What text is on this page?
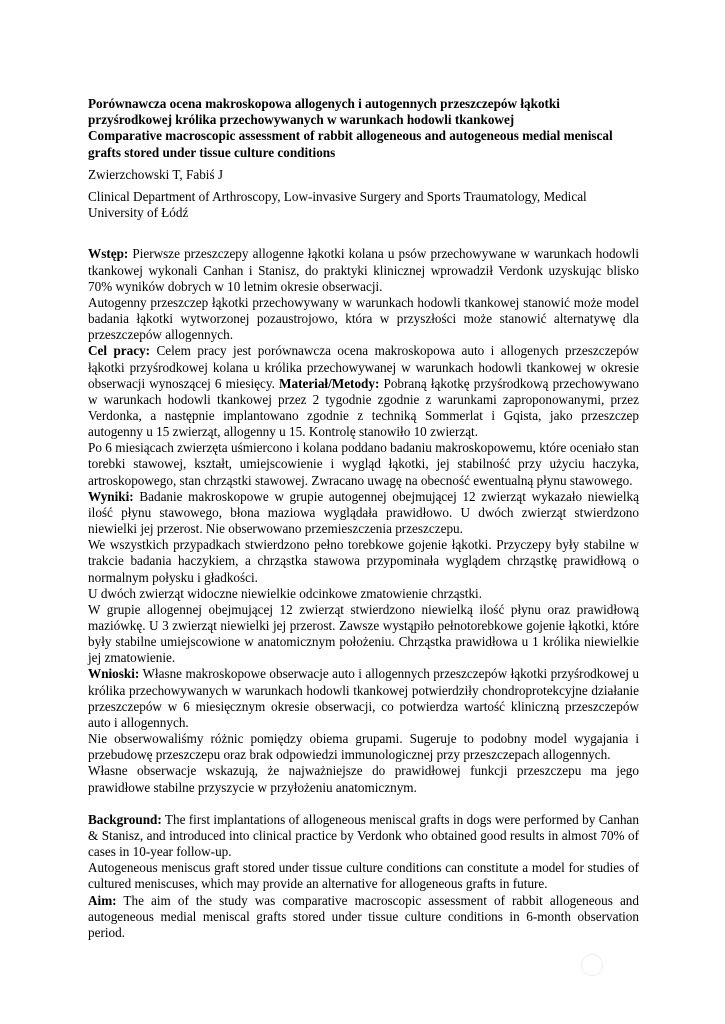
Porównawcza ocena makroskopowa allogenych i autogennych przeszczepów łąkotki

przyśrodkowej królika przechowywanych w warunkach hodowli tkankowej

Comparative macroscopic assessment of rabbit allogeneous and autogeneous medial meniscal

grafts stored under tissue culture conditions

Zwierzchowski T, Fabiś J

Clinical Department of Arthroscopy, Low-invasive Surgery and Sports Traumatology, Medical
University of Łódź

Wstęp: Pierwsze przeszczepy allogenne łąkotki kolana u psów przechowywane w warunkach hodowli tkankowej wykonali Canhan i Stanisz, do praktyki klinicznej wprowadził Verdonk uzyskując blisko 70% wyników dobrych w 10 letnim okresie obserwacji.

Autogenny przeszczep łąkotki przechowywany w warunkach hodowli tkankowej stanowić może model badania łąkotki wytworzonej pozaustrojowo, która w przyszłości może stanowić alternatywę dla przeszczepów allogennych.

Cel pracy: Celem pracy jest porównawcza ocena makroskopowa auto i allogenych przeszczepów łąkotki przyśrodkowej kolana u królika przechowywanej w warunkach hodowli tkankowej w okresie obserwacji wynoszącej 6 miesięcy. Materiał/Metody: Pobraną łąkotkę przyśrodkową przechowywano w warunkach hodowli tkankowej przez 2 tygodnie zgodnie z warunkami zaproponowanymi, przez Verdonka, a następnie implantowano zgodnie z techniką Sommerlat i Gqista, jako przeszczep autogenny u 15 zwierząt, allogenny u 15. Kontrolę stanowiło 10 zwierząt.

Po 6 miesiącach zwierzęta uśmiercono i kolana poddano badaniu makroskopowemu, które oceniało stan torebki stawowej, kształt, umiejscowienie i wygląd łąkotki, jej stabilność przy użyciu haczyka, artroskopowego, stan chrząstki stawowej. Zwracano uwagę na obecność ewentualną płynu stawowego.

Wyniki: Badanie makroskopowe w grupie autogennej obejmującej 12 zwierząt wykazało niewielką ilość płynu stawowego, błona maziowa wyglądała prawidłowo. U dwóch zwierząt stwierdzono niewielki jej przerost. Nie obserwowano przemieszczenia przeszczepu.

We wszystkich przypadkach stwierdzono pełno torebkowe gojenie łąkotki. Przyczepy były stabilne w trakcie badania haczykiem, a chrząstka stawowa przypominała wyglądem chrząstkę prawidłową o normalnym połysku i gładkości.

U dwóch zwierząt widoczne niewielkie odcinkowe zmatowienie chrząstki.

W grupie allogennej obejmującej 12 zwierząt stwierdzono niewielką ilość płynu oraz prawidłową maziówkę. U 3 zwierząt niewielki jej przerost. Zawsze wystąpiło pełnotorebkowe gojenie łąkotki, które były stabilne umiejscowione w anatomicznym położeniu. Chrząstka prawidłowa u 1 królika niewielkie jej zmatowienie.

Wnioski: Własne makroskopowe obserwacje auto i allogennych przeszczepów łąkotki przyśrodkowej u królika przechowywanych w warunkach hodowli tkankowej potwierdziły chondroprotekcyjne działanie przeszczepów w 6 miesięcznym okresie obserwacji, co potwierdza wartość kliniczną przeszczepów auto i allogennych.

Nie obserwowaliśmy różnic pomiędzy obiema grupami. Sugeruje to podobny model wygajania i przebudowę przeszczepu oraz brak odpowiedzi immunologicznej przy przeszczepach allogennych.

Własne obserwacje wskazują, że najważniejsze do prawidłowej funkcji przeszczepu ma jego prawidłowe stabilne przyszycie w przyłożeniu anatomicznym.

Background: The first implantations of allogeneous meniscal grafts in dogs were performed by Canhan & Stanisz, and introduced into clinical practice by Verdonk who obtained good results in almost 70% of cases in 10-year follow-up.

Autogeneous meniscus graft stored under tissue culture conditions can constitute a model for studies of cultured meniscuses, which may provide an alternative for allogeneous grafts in future.

Aim: The aim of the study was comparative macroscopic assessment of rabbit allogeneous and autogeneous medial meniscal grafts stored under tissue culture conditions in 6-month observation period.
